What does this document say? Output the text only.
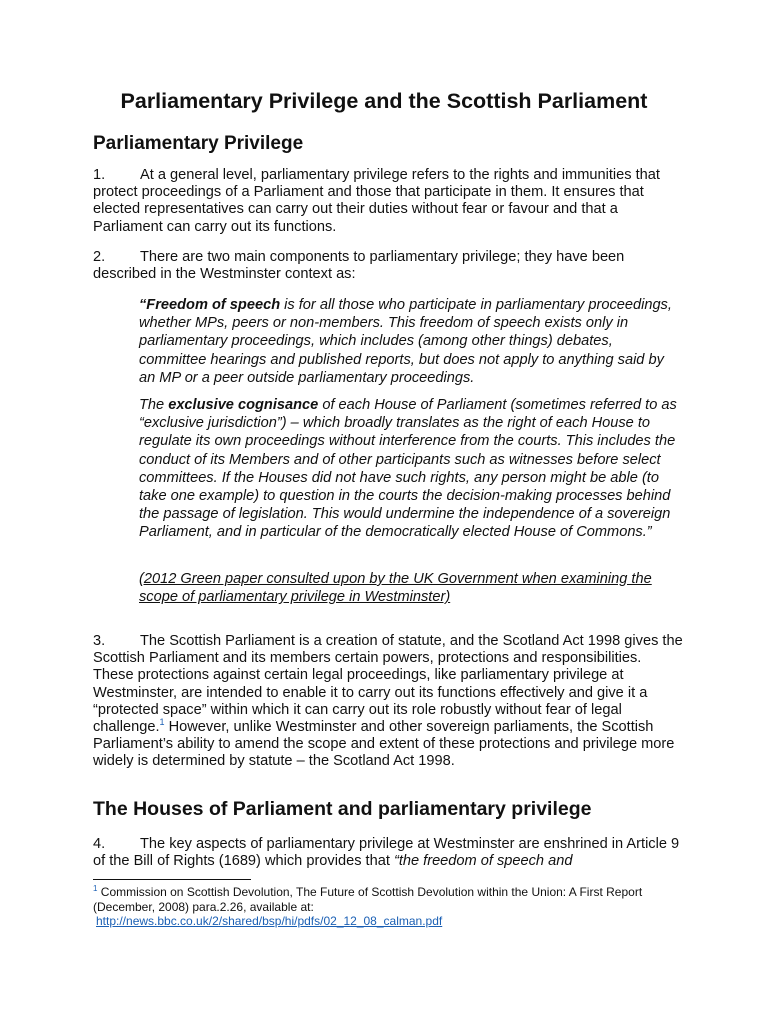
Parliamentary Privilege and the Scottish Parliament
Parliamentary Privilege

1. At a general level, parliamentary privilege refers to the rights and immunities that protect proceedings of a Parliament and those that participate in them. It ensures that elected representatives can carry out their duties without fear or favour and that a Parliament can carry out its functions.

2. There are two main components to parliamentary privilege; they have been described in the Westminster context as:

“Freedom of speech is for all those who participate in parliamentary proceedings, whether MPs, peers or non-members. This freedom of speech exists only in parliamentary proceedings, which includes (among other things) debates, committee hearings and published reports, but does not apply to anything said by an MP or a peer outside parliamentary proceedings.

The exclusive cognisance of each House of Parliament (sometimes referred to as “exclusive jurisdiction”) – which broadly translates as the right of each House to regulate its own proceedings without interference from the courts. This includes the conduct of its Members and of other participants such as witnesses before select committees. If the Houses did not have such rights, any person might be able (to take one example) to question in the courts the decision-making processes behind the passage of legislation. This would undermine the independence of a sovereign Parliament, and in particular of the democratically elected House of Commons.”

(2012 Green paper consulted upon by the UK Government when examining the scope of parliamentary privilege in Westminster)

3. The Scottish Parliament is a creation of statute, and the Scotland Act 1998 gives the Scottish Parliament and its members certain powers, protections and responsibilities. These protections against certain legal proceedings, like parliamentary privilege at Westminster, are intended to enable it to carry out its functions effectively and give it a “protected space” within which it can carry out its role robustly without fear of legal challenge.$^1$ However, unlike Westminster and other sovereign parliaments, the Scottish Parliament’s ability to amend the scope and extent of these protections and privilege more widely is determined by statute – the Scotland Act 1998.

The Houses of Parliament and parliamentary privilege

4. The key aspects of parliamentary privilege at Westminster are enshrined in Article 9 of the Bill of Rights (1689) which provides that “the freedom of speech and

$^1$ Commission on Scottish Devolution, The Future of Scottish Devolution within the Union: A First Report (December, 2008) para.2.26, available at:
http://news.bbc.co.uk/2/shared/bsp/hi/pdfs/02_12_08_calman.pdf
